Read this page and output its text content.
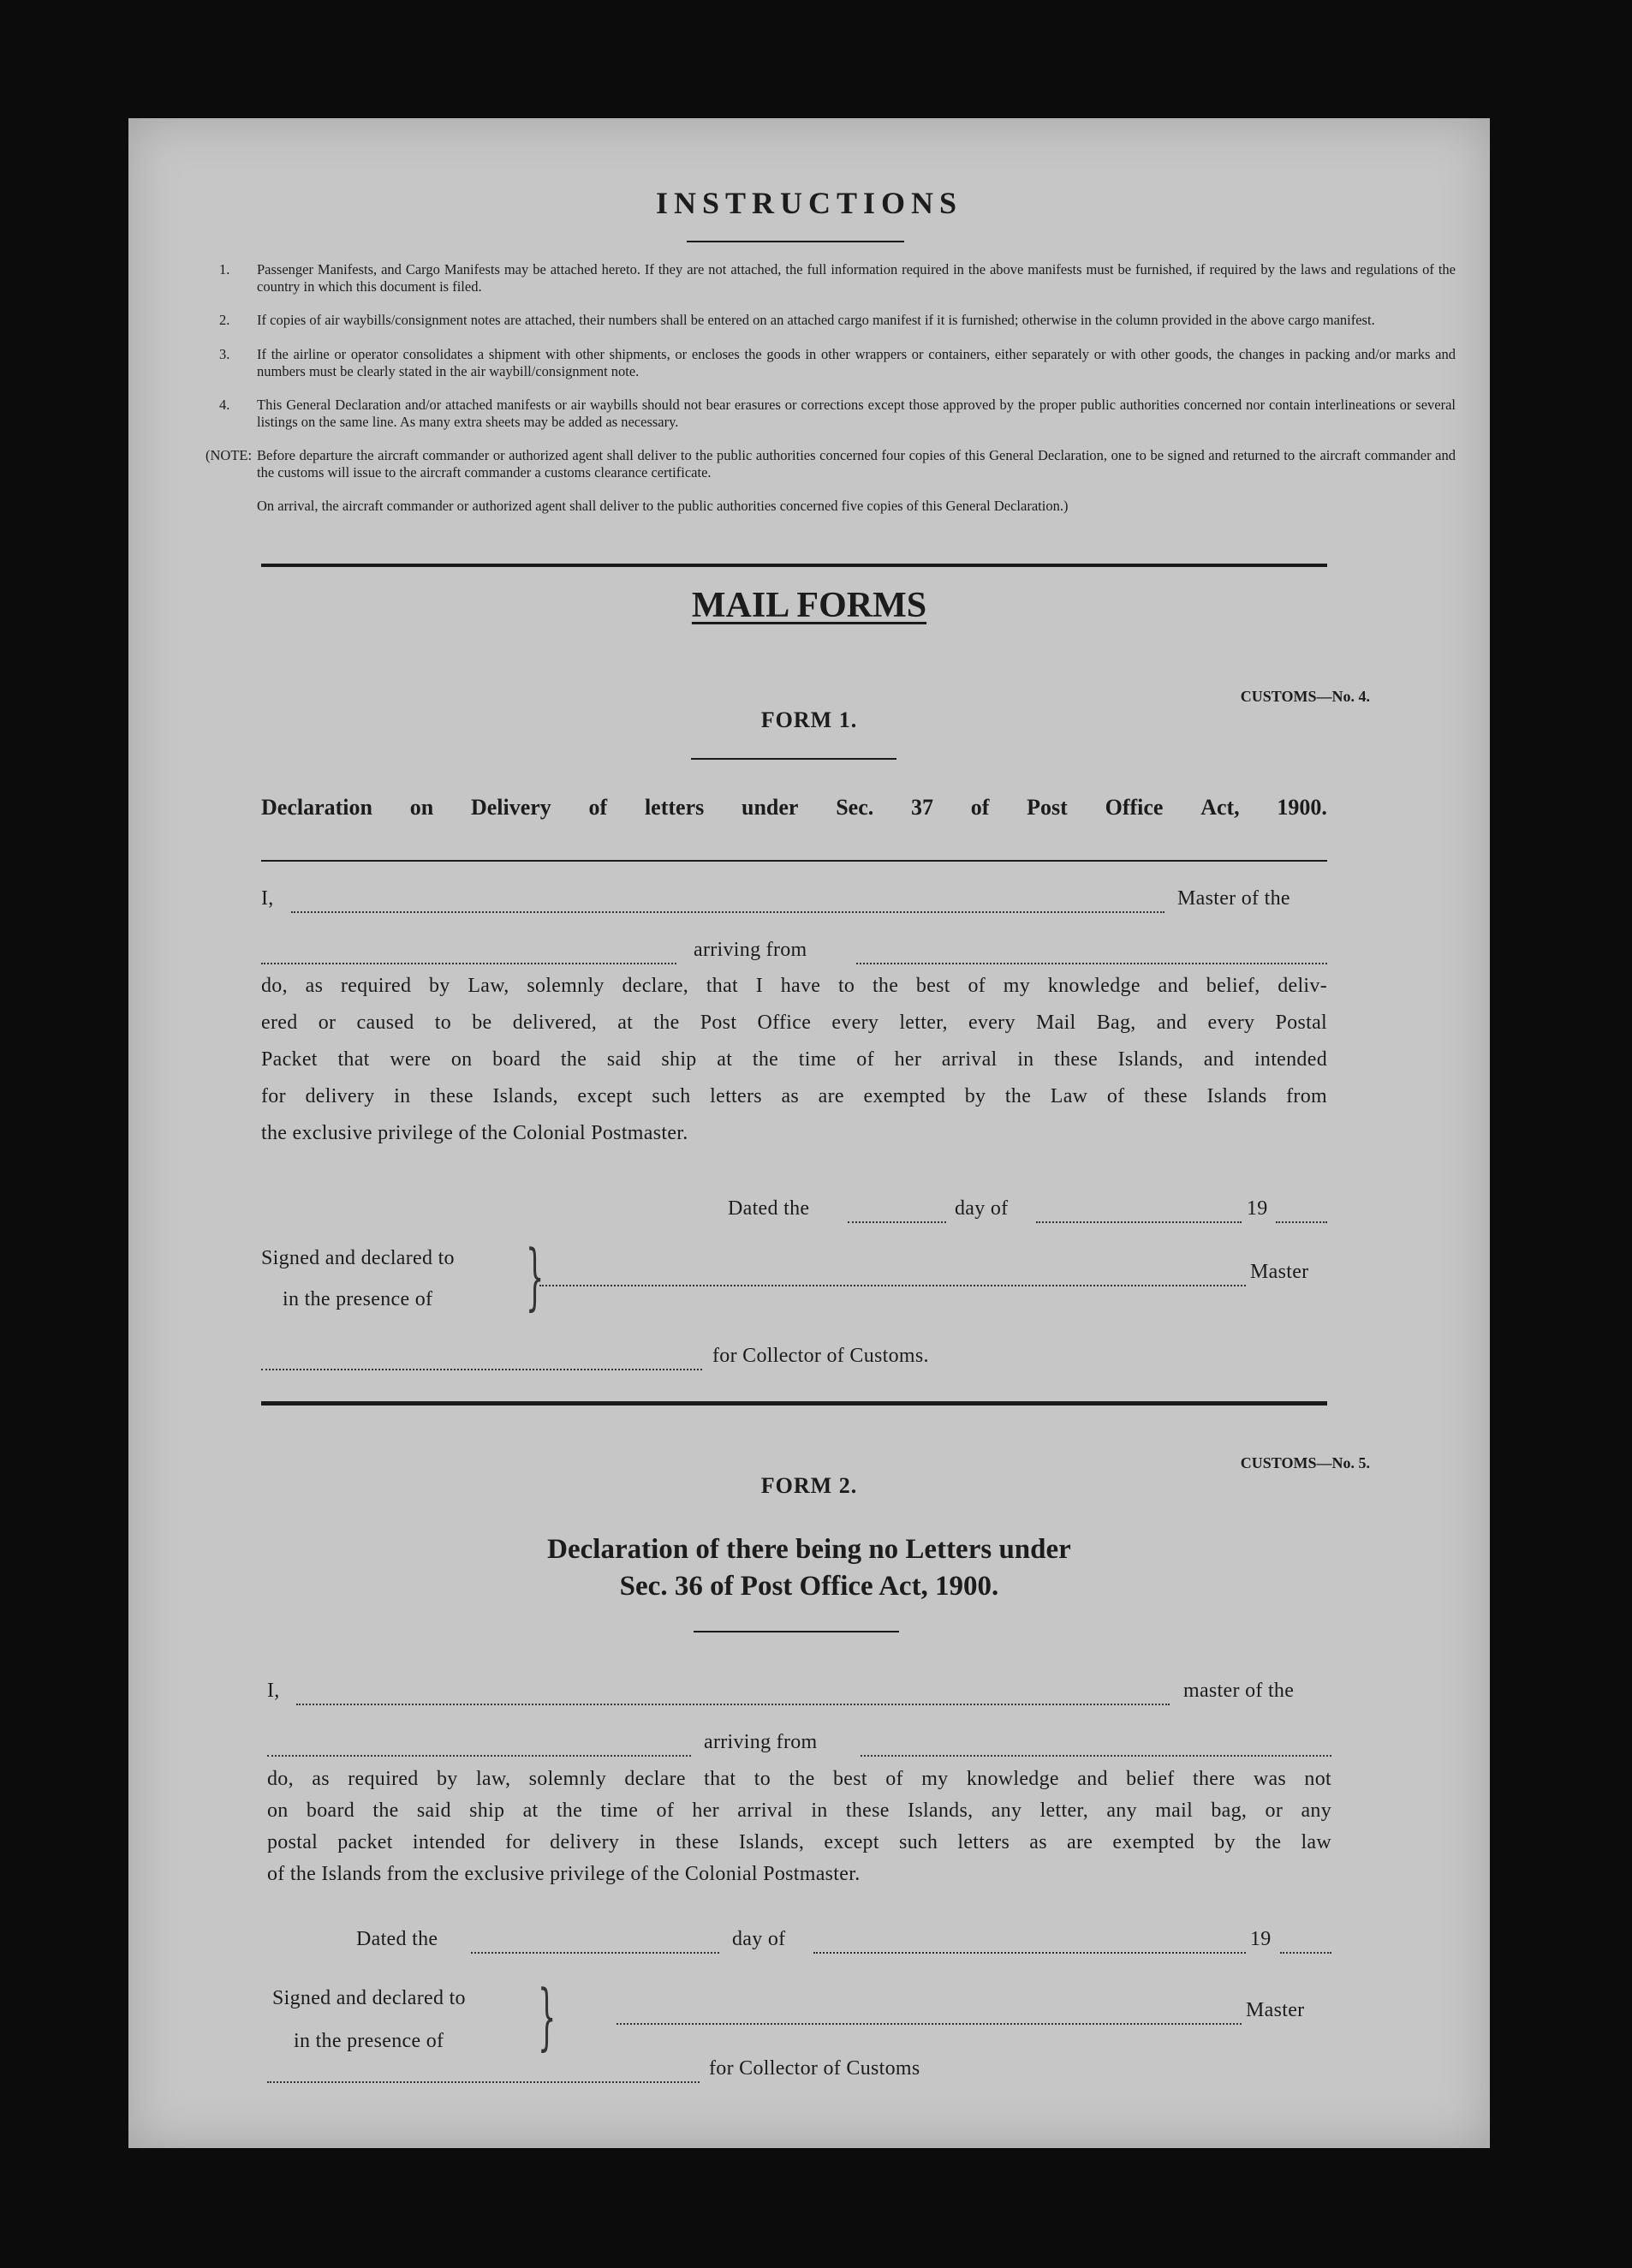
INSTRUCTIONS
1.	Passenger Manifests, and Cargo Manifests may be attached hereto. If they are not attached, the full information required in the above manifests must be furnished, if required by the laws and regulations of the country in which this document is filed.
2.	If copies of air waybills/consignment notes are attached, their numbers shall be entered on an attached cargo manifest if it is furnished; otherwise in the column provided in the above cargo manifest.
3.	If the airline or operator consolidates a shipment with other shipments, or encloses the goods in other wrappers or containers, either separately or with other goods, the changes in packing and/or marks and numbers must be clearly stated in the air waybill/consignment note.
4.	This General Declaration and/or attached manifests or air waybills should not bear erasures or corrections except those approved by the proper public authorities concerned nor contain interlineations or several listings on the same line. As many extra sheets may be added as necessary.
(NOTE: Before departure the aircraft commander or authorized agent shall deliver to the public authorities concerned four copies of this General Declaration, one to be signed and returned to the aircraft commander and the customs will issue to the aircraft commander a customs clearance certificate.
On arrival, the aircraft commander or authorized agent shall deliver to the public authorities concerned five copies of this General Declaration.)
MAIL FORMS
CUSTOMS—No. 4.
FORM 1.
Declaration on Delivery of letters under Sec. 37 of Post Office Act, 1900.
I,	Master of the
arriving from
do, as required by Law, solemnly declare, that I have to the best of my knowledge and belief, deliv-
ered or caused to be delivered, at the Post Office every letter, every Mail Bag, and every Postal
Packet that were on board the said ship at the time of her arrival in these Islands, and intended
for delivery in these Islands, except such letters as are exempted by the Law of these Islands from
the exclusive privilege of the Colonial Postmaster.
Dated the	day of	19
Signed and declared to
in the presence of }	Master
for Collector of Customs.
CUSTOMS—No. 5.
FORM 2.
Declaration of there being no Letters under
Sec. 36 of Post Office Act, 1900.
I,	master of the
arriving from
do, as required by law, solemnly declare that to the best of my knowledge and belief there was not
on board the said ship at the time of her arrival in these Islands, any letter, any mail bag, or any
postal packet intended for delivery in these Islands, except such letters as are exempted by the law
of the Islands from the exclusive privilege of the Colonial Postmaster.
Dated the	day of	19
Signed and declared to
in the presence of }	Master
for Collector of Customs
